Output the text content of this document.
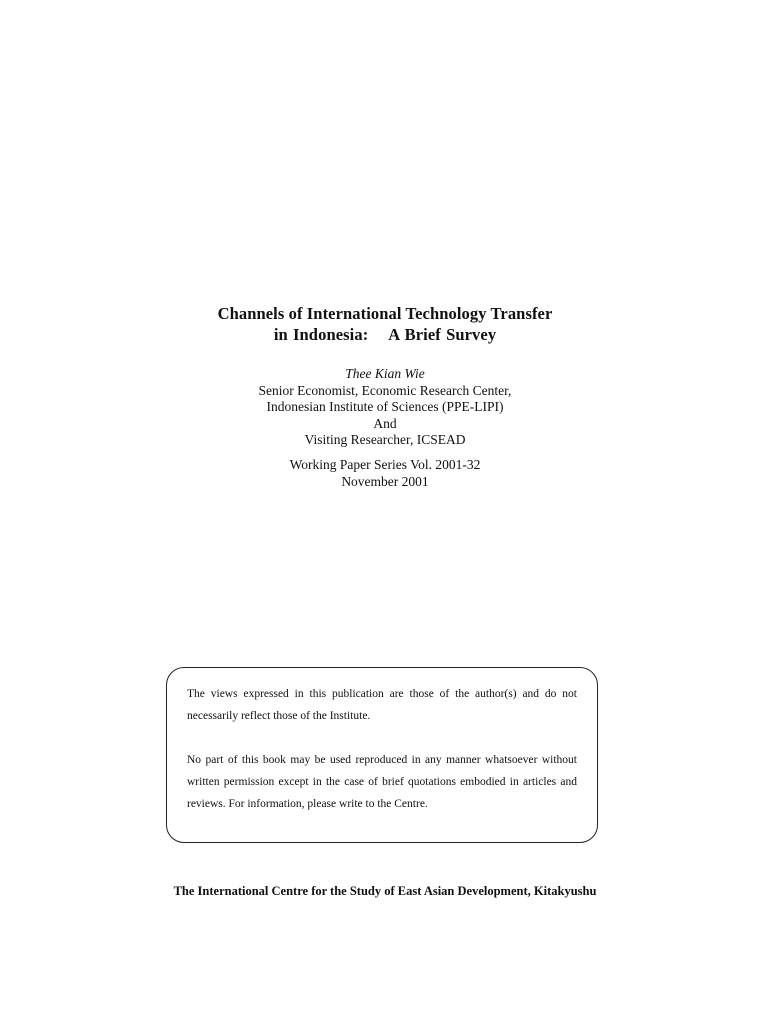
Channels of International Technology Transfer
in Indonesia:    A Brief Survey
Thee Kian Wie
Senior Economist, Economic Research Center,
Indonesian Institute of Sciences (PPE-LIPI)
And
Visiting Researcher, ICSEAD
Working Paper Series Vol. 2001-32
November 2001

The views expressed in this publication are those of the author(s) and do not necessarily reflect those of the Institute.

No part of this book may be used reproduced in any manner whatsoever without written permission except in the case of brief quotations embodied in articles and reviews. For information, please write to the Centre.

The International Centre for the Study of East Asian Development, Kitakyushu
